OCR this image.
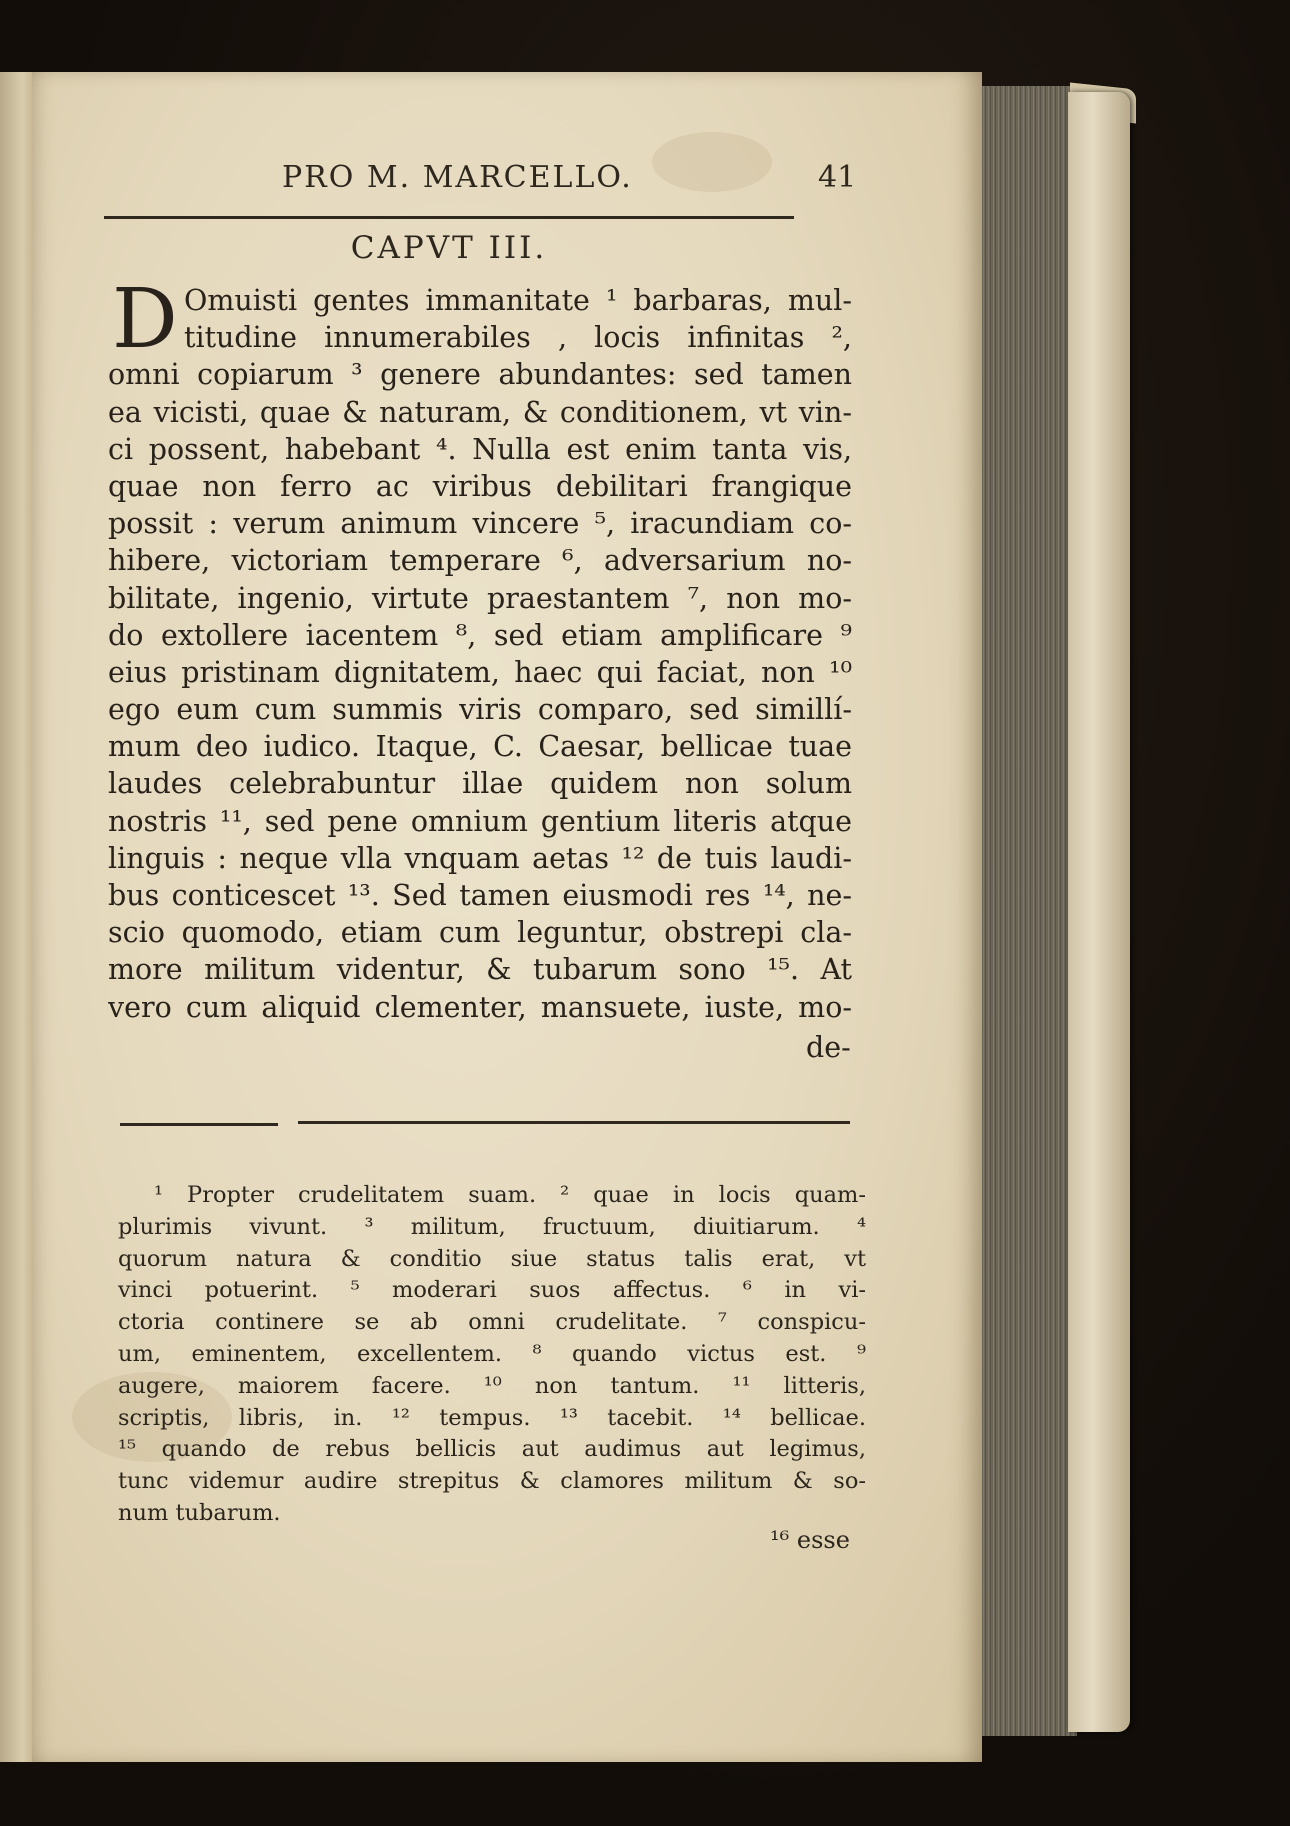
PRO M. MARCELLO.	41
CAPVT III.
D Omuisti gentes immanitate ¹ barbaras, mul-
titudine innumerabiles , locis infinitas ²,
omni copiarum ³ genere abundantes: sed tamen
ea vicisti, quae & naturam, & conditionem, vt vin-
ci possent, habebant ⁴. Nulla est enim tanta vis,
quae non ferro ac viribus debilitari frangique
possit : verum animum vincere ⁵, iracundiam co-
hibere, victoriam temperare ⁶, adversarium no-
bilitate, ingenio, virtute praestantem ⁷, non mo-
do extollere iacentem ⁸, sed etiam amplificare ⁹
eius pristinam dignitatem, haec qui faciat, non ¹⁰
ego eum cum summis viris comparo, sed simillí-
mum deo iudico. Itaque, C. Caesar, bellicae tuae
laudes celebrabuntur illae quidem non solum
nostris ¹¹, sed pene omnium gentium literis atque
linguis : neque vlla vnquam aetas ¹² de tuis laudi-
bus conticescet ¹³. Sed tamen eiusmodi res ¹⁴, ne-
scio quomodo, etiam cum leguntur, obstrepi cla-
more militum videntur, & tubarum sono ¹⁵. At
vero cum aliquid clementer, mansuete, iuste, mo-
de-
¹ Propter crudelitatem suam. ² quae in locis quam-
plurimis vivunt. ³ militum, fructuum, diuitiarum. ⁴
quorum natura & conditio siue status talis erat, vt
vinci potuerint. ⁵ moderari suos affectus. ⁶ in vi-
ctoria continere se ab omni crudelitate. ⁷ conspicu-
um, eminentem, excellentem. ⁸ quando victus est. ⁹
augere, maiorem facere. ¹⁰ non tantum. ¹¹ litteris,
scriptis, libris, in. ¹² tempus. ¹³ tacebit. ¹⁴ bellicae.
¹⁵ quando de rebus bellicis aut audimus aut legimus,
tunc videmur audire strepitus & clamores militum & so-
num tubarum.
¹⁶ esse
